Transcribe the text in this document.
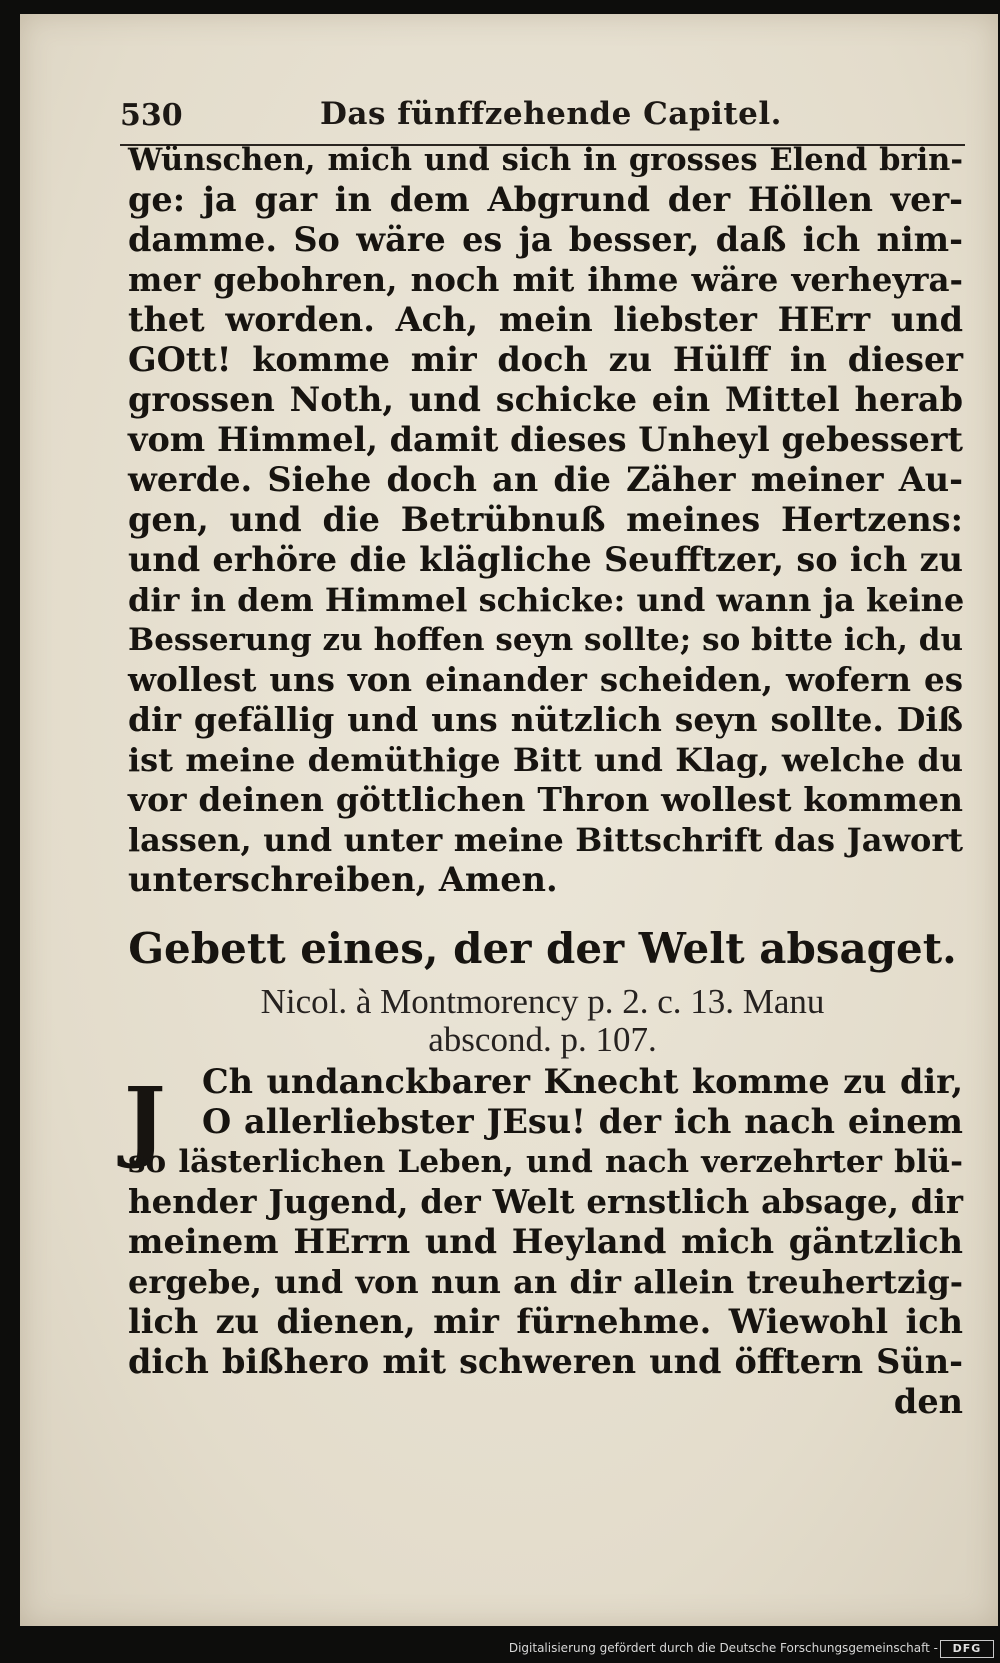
530	Das fünffzehende Capitel.
Wünschen, mich und sich in grosses Elend brin-
ge: ja gar in dem Abgrund der Höllen ver-
damme. So wäre es ja besser, daß ich nim-
mer gebohren, noch mit ihme wäre verheyra-
thet worden. Ach, mein liebster HErr und
GOtt! komme mir doch zu Hülff in dieser
grossen Noth, und schicke ein Mittel herab
vom Himmel, damit dieses Unheyl gebessert
werde. Siehe doch an die Zäher meiner Au-
gen, und die Betrübnuß meines Hertzens:
und erhöre die klägliche Seufftzer, so ich zu
dir in dem Himmel schicke: und wann ja keine
Besserung zu hoffen seyn sollte; so bitte ich, du
wollest uns von einander scheiden, wofern es
dir gefällig und uns nützlich seyn sollte. Diß
ist meine demüthige Bitt und Klag, welche du
vor deinen göttlichen Thron wollest kommen
lassen, und unter meine Bittschrift das Jawort
unterschreiben, Amen.
Gebett eines, der der Welt absaget.
Nicol. à Montmorency p. 2. c. 13. Manu
abscond. p. 107.
J	Ch undanckbarer Knecht komme zu dir,
O allerliebster JEsu! der ich nach einem
so lästerlichen Leben, und nach verzehrter blü-
hender Jugend, der Welt ernstlich absage, dir
meinem HErrn und Heyland mich gäntzlich
ergebe, und von nun an dir allein treuhertzig-
lich zu dienen, mir fürnehme. Wiewohl ich
dich bißhero mit schweren und öfftern Sün-
den
Digitalisierung gefördert durch die Deutsche Forschungsgemeinschaft -	DFG
